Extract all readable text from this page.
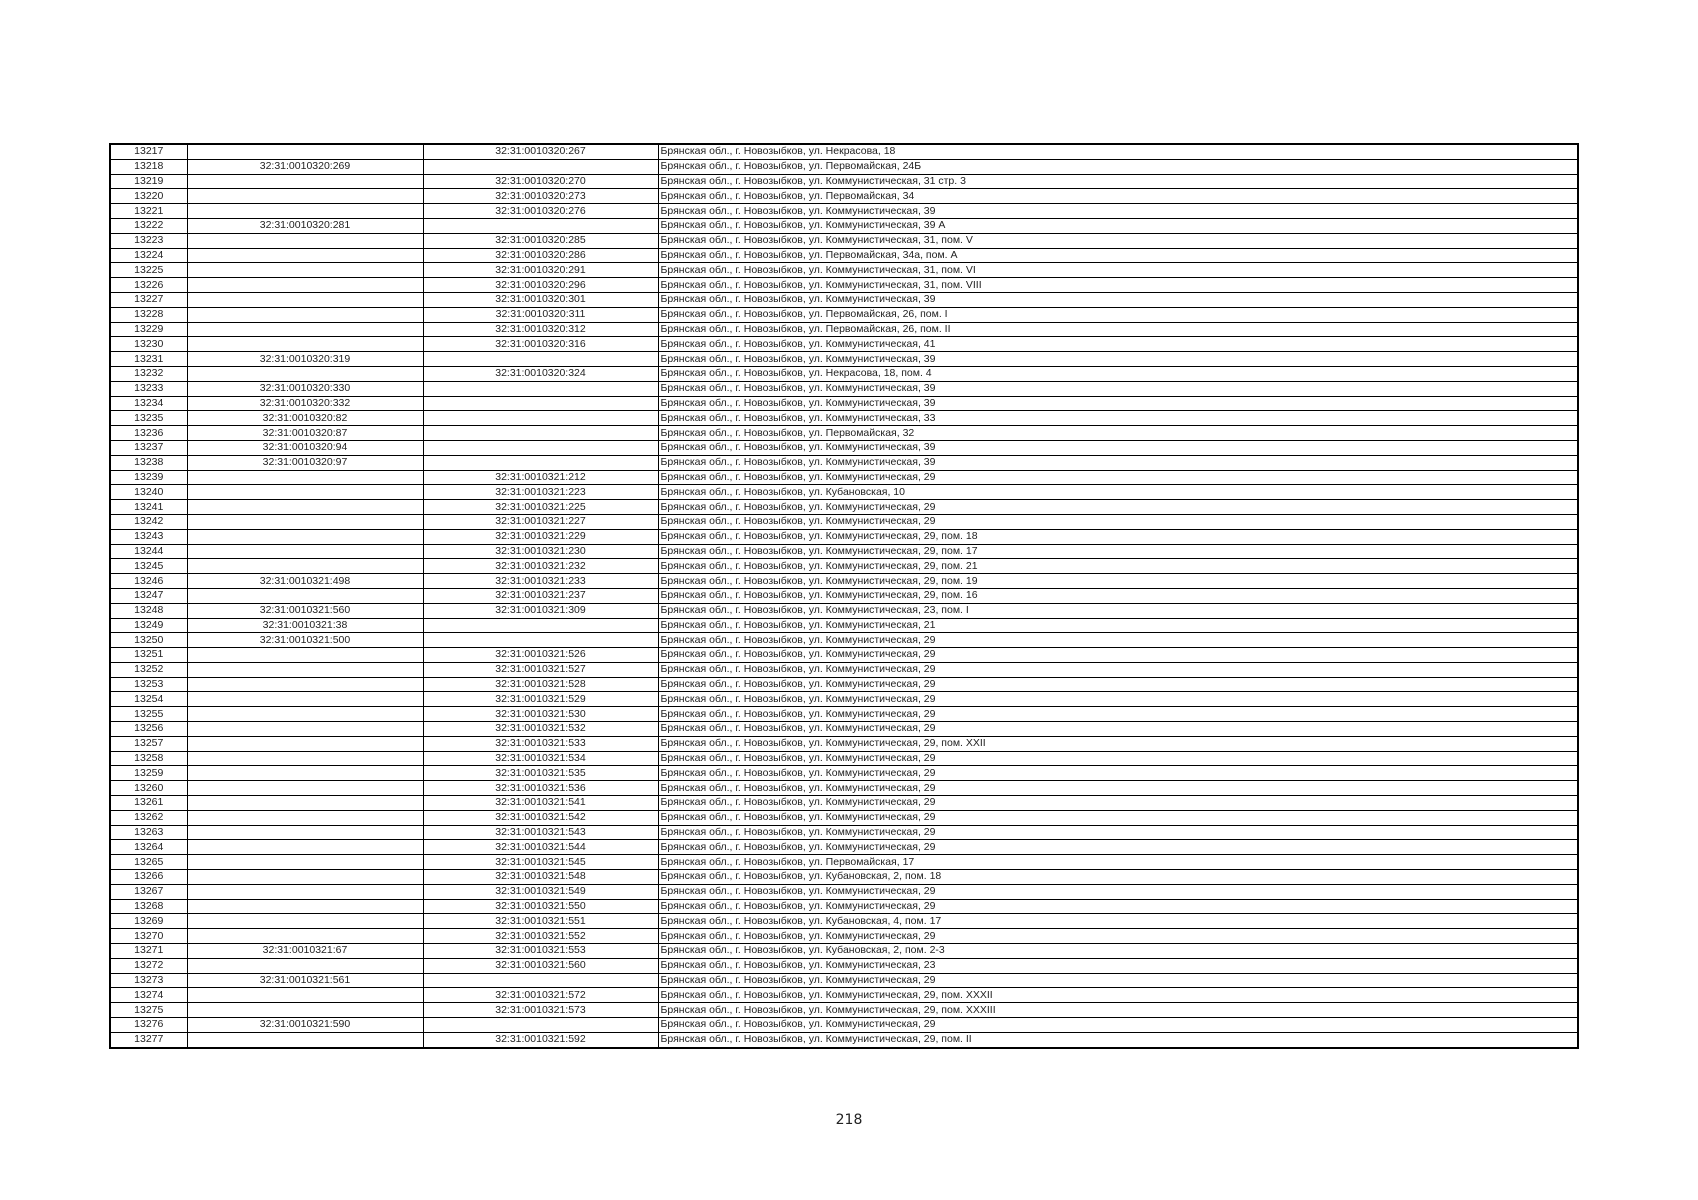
13217		32:31:0010320:267	Брянская обл., г. Новозыбков, ул. Некрасова, 18
13218	32:31:0010320:269		Брянская обл., г. Новозыбков, ул. Первомайская, 24Б
13219		32:31:0010320:270	Брянская обл., г. Новозыбков, ул. Коммунистическая, 31 стр. 3
13220		32:31:0010320:273	Брянская обл., г. Новозыбков, ул. Первомайская, 34
13221		32:31:0010320:276	Брянская обл., г. Новозыбков, ул. Коммунистическая, 39
13222	32:31:0010320:281		Брянская обл., г. Новозыбков, ул. Коммунистическая, 39 А
13223		32:31:0010320:285	Брянская обл., г. Новозыбков, ул. Коммунистическая, 31, пом. V
13224		32:31:0010320:286	Брянская обл., г. Новозыбков, ул. Первомайская, 34а, пом. А
13225		32:31:0010320:291	Брянская обл., г. Новозыбков, ул. Коммунистическая, 31, пом. VI
13226		32:31:0010320:296	Брянская обл., г. Новозыбков, ул. Коммунистическая, 31, пом. VIII
13227		32:31:0010320:301	Брянская обл., г. Новозыбков, ул. Коммунистическая, 39
13228		32:31:0010320:311	Брянская обл., г. Новозыбков, ул. Первомайская, 26, пом. I
13229		32:31:0010320:312	Брянская обл., г. Новозыбков, ул. Первомайская, 26, пом. II
13230		32:31:0010320:316	Брянская обл., г. Новозыбков, ул. Коммунистическая, 41
13231	32:31:0010320:319		Брянская обл., г. Новозыбков, ул. Коммунистическая, 39
13232		32:31:0010320:324	Брянская обл., г. Новозыбков, ул. Некрасова, 18, пом. 4
13233	32:31:0010320:330		Брянская обл., г. Новозыбков, ул. Коммунистическая, 39
13234	32:31:0010320:332		Брянская обл., г. Новозыбков, ул. Коммунистическая, 39
13235	32:31:0010320:82		Брянская обл., г. Новозыбков, ул. Коммунистическая, 33
13236	32:31:0010320:87		Брянская обл., г. Новозыбков, ул. Первомайская, 32
13237	32:31:0010320:94		Брянская обл., г. Новозыбков, ул. Коммунистическая, 39
13238	32:31:0010320:97		Брянская обл., г. Новозыбков, ул. Коммунистическая, 39
13239		32:31:0010321:212	Брянская обл., г. Новозыбков, ул. Коммунистическая, 29
13240		32:31:0010321:223	Брянская обл., г. Новозыбков, ул. Кубановская, 10
13241		32:31:0010321:225	Брянская обл., г. Новозыбков, ул. Коммунистическая, 29
13242		32:31:0010321:227	Брянская обл., г. Новозыбков, ул. Коммунистическая, 29
13243		32:31:0010321:229	Брянская обл., г. Новозыбков, ул. Коммунистическая, 29, пом. 18
13244		32:31:0010321:230	Брянская обл., г. Новозыбков, ул. Коммунистическая, 29, пом. 17
13245		32:31:0010321:232	Брянская обл., г. Новозыбков, ул. Коммунистическая, 29, пом. 21
13246	32:31:0010321:498	32:31:0010321:233	Брянская обл., г. Новозыбков, ул. Коммунистическая, 29, пом. 19
13247		32:31:0010321:237	Брянская обл., г. Новозыбков, ул. Коммунистическая, 29, пом. 16
13248	32:31:0010321:560	32:31:0010321:309	Брянская обл., г. Новозыбков, ул. Коммунистическая, 23, пом. I
13249	32:31:0010321:38		Брянская обл., г. Новозыбков, ул. Коммунистическая, 21
13250	32:31:0010321:500		Брянская обл., г. Новозыбков, ул. Коммунистическая, 29
13251		32:31:0010321:526	Брянская обл., г. Новозыбков, ул. Коммунистическая, 29
13252		32:31:0010321:527	Брянская обл., г. Новозыбков, ул. Коммунистическая, 29
13253		32:31:0010321:528	Брянская обл., г. Новозыбков, ул. Коммунистическая, 29
13254		32:31:0010321:529	Брянская обл., г. Новозыбков, ул. Коммунистическая, 29
13255		32:31:0010321:530	Брянская обл., г. Новозыбков, ул. Коммунистическая, 29
13256		32:31:0010321:532	Брянская обл., г. Новозыбков, ул. Коммунистическая, 29
13257		32:31:0010321:533	Брянская обл., г. Новозыбков, ул. Коммунистическая, 29, пом. XXII
13258		32:31:0010321:534	Брянская обл., г. Новозыбков, ул. Коммунистическая, 29
13259		32:31:0010321:535	Брянская обл., г. Новозыбков, ул. Коммунистическая, 29
13260		32:31:0010321:536	Брянская обл., г. Новозыбков, ул. Коммунистическая, 29
13261		32:31:0010321:541	Брянская обл., г. Новозыбков, ул. Коммунистическая, 29
13262		32:31:0010321:542	Брянская обл., г. Новозыбков, ул. Коммунистическая, 29
13263		32:31:0010321:543	Брянская обл., г. Новозыбков, ул. Коммунистическая, 29
13264		32:31:0010321:544	Брянская обл., г. Новозыбков, ул. Коммунистическая, 29
13265		32:31:0010321:545	Брянская обл., г. Новозыбков, ул. Первомайская, 17
13266		32:31:0010321:548	Брянская обл., г. Новозыбков, ул. Кубановская, 2, пом. 18
13267		32:31:0010321:549	Брянская обл., г. Новозыбков, ул. Коммунистическая, 29
13268		32:31:0010321:550	Брянская обл., г. Новозыбков, ул. Коммунистическая, 29
13269		32:31:0010321:551	Брянская обл., г. Новозыбков, ул. Кубановская, 4, пом. 17
13270		32:31:0010321:552	Брянская обл., г. Новозыбков, ул. Коммунистическая, 29
13271	32:31:0010321:67	32:31:0010321:553	Брянская обл., г. Новозыбков, ул. Кубановская, 2, пом. 2-3
13272		32:31:0010321:560	Брянская обл., г. Новозыбков, ул. Коммунистическая, 23
13273	32:31:0010321:561		Брянская обл., г. Новозыбков, ул. Коммунистическая, 29
13274		32:31:0010321:572	Брянская обл., г. Новозыбков, ул. Коммунистическая, 29, пом. XXXII
13275		32:31:0010321:573	Брянская обл., г. Новозыбков, ул. Коммунистическая, 29, пом. XXXIII
13276	32:31:0010321:590		Брянская обл., г. Новозыбков, ул. Коммунистическая, 29
13277		32:31:0010321:592	Брянская обл., г. Новозыбков, ул. Коммунистическая, 29, пом. II
218
